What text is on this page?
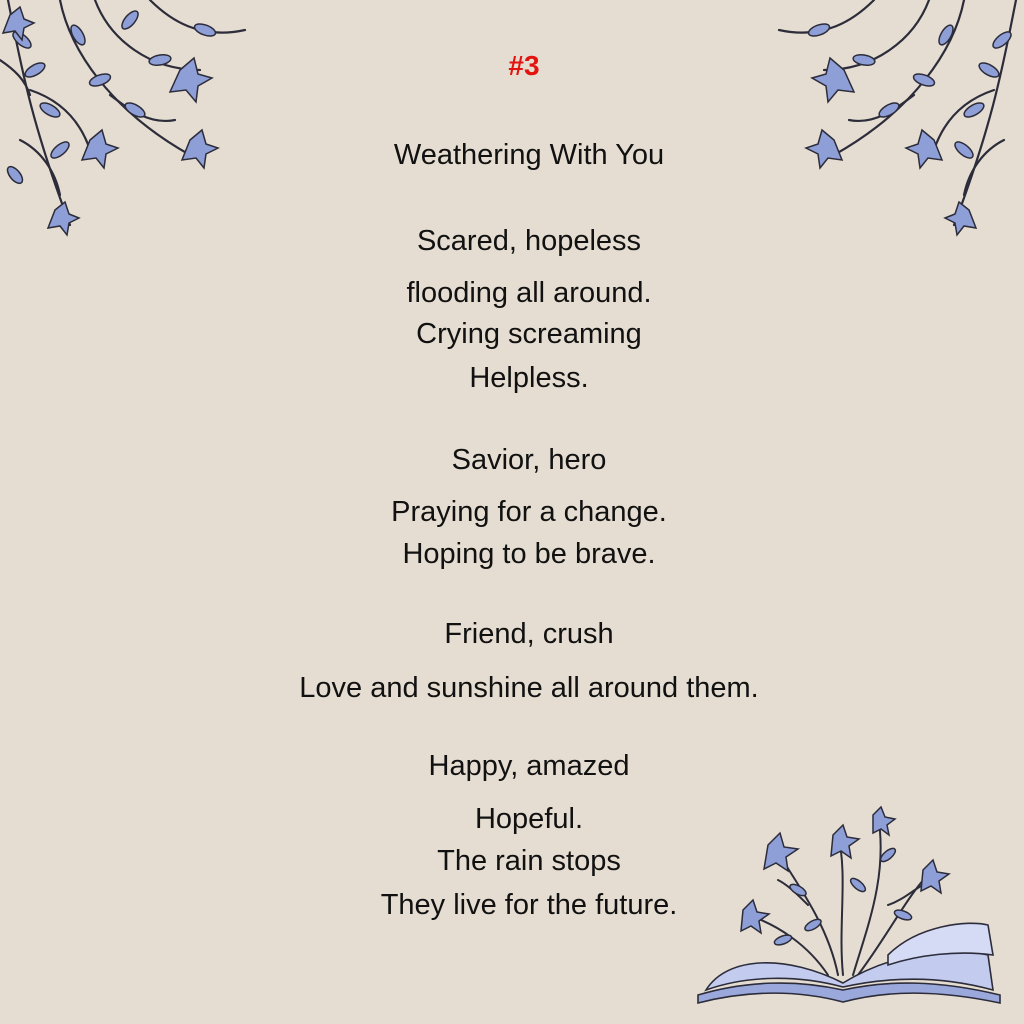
#3
Weathering With You
Scared, hopeless
flooding all around.
Crying screaming
Helpless.
Savior, hero
Praying for a change.
Hoping to be brave.
Friend, crush
Love and sunshine all around them.
Happy, amazed
Hopeful.
The rain stops
They live for the future.
